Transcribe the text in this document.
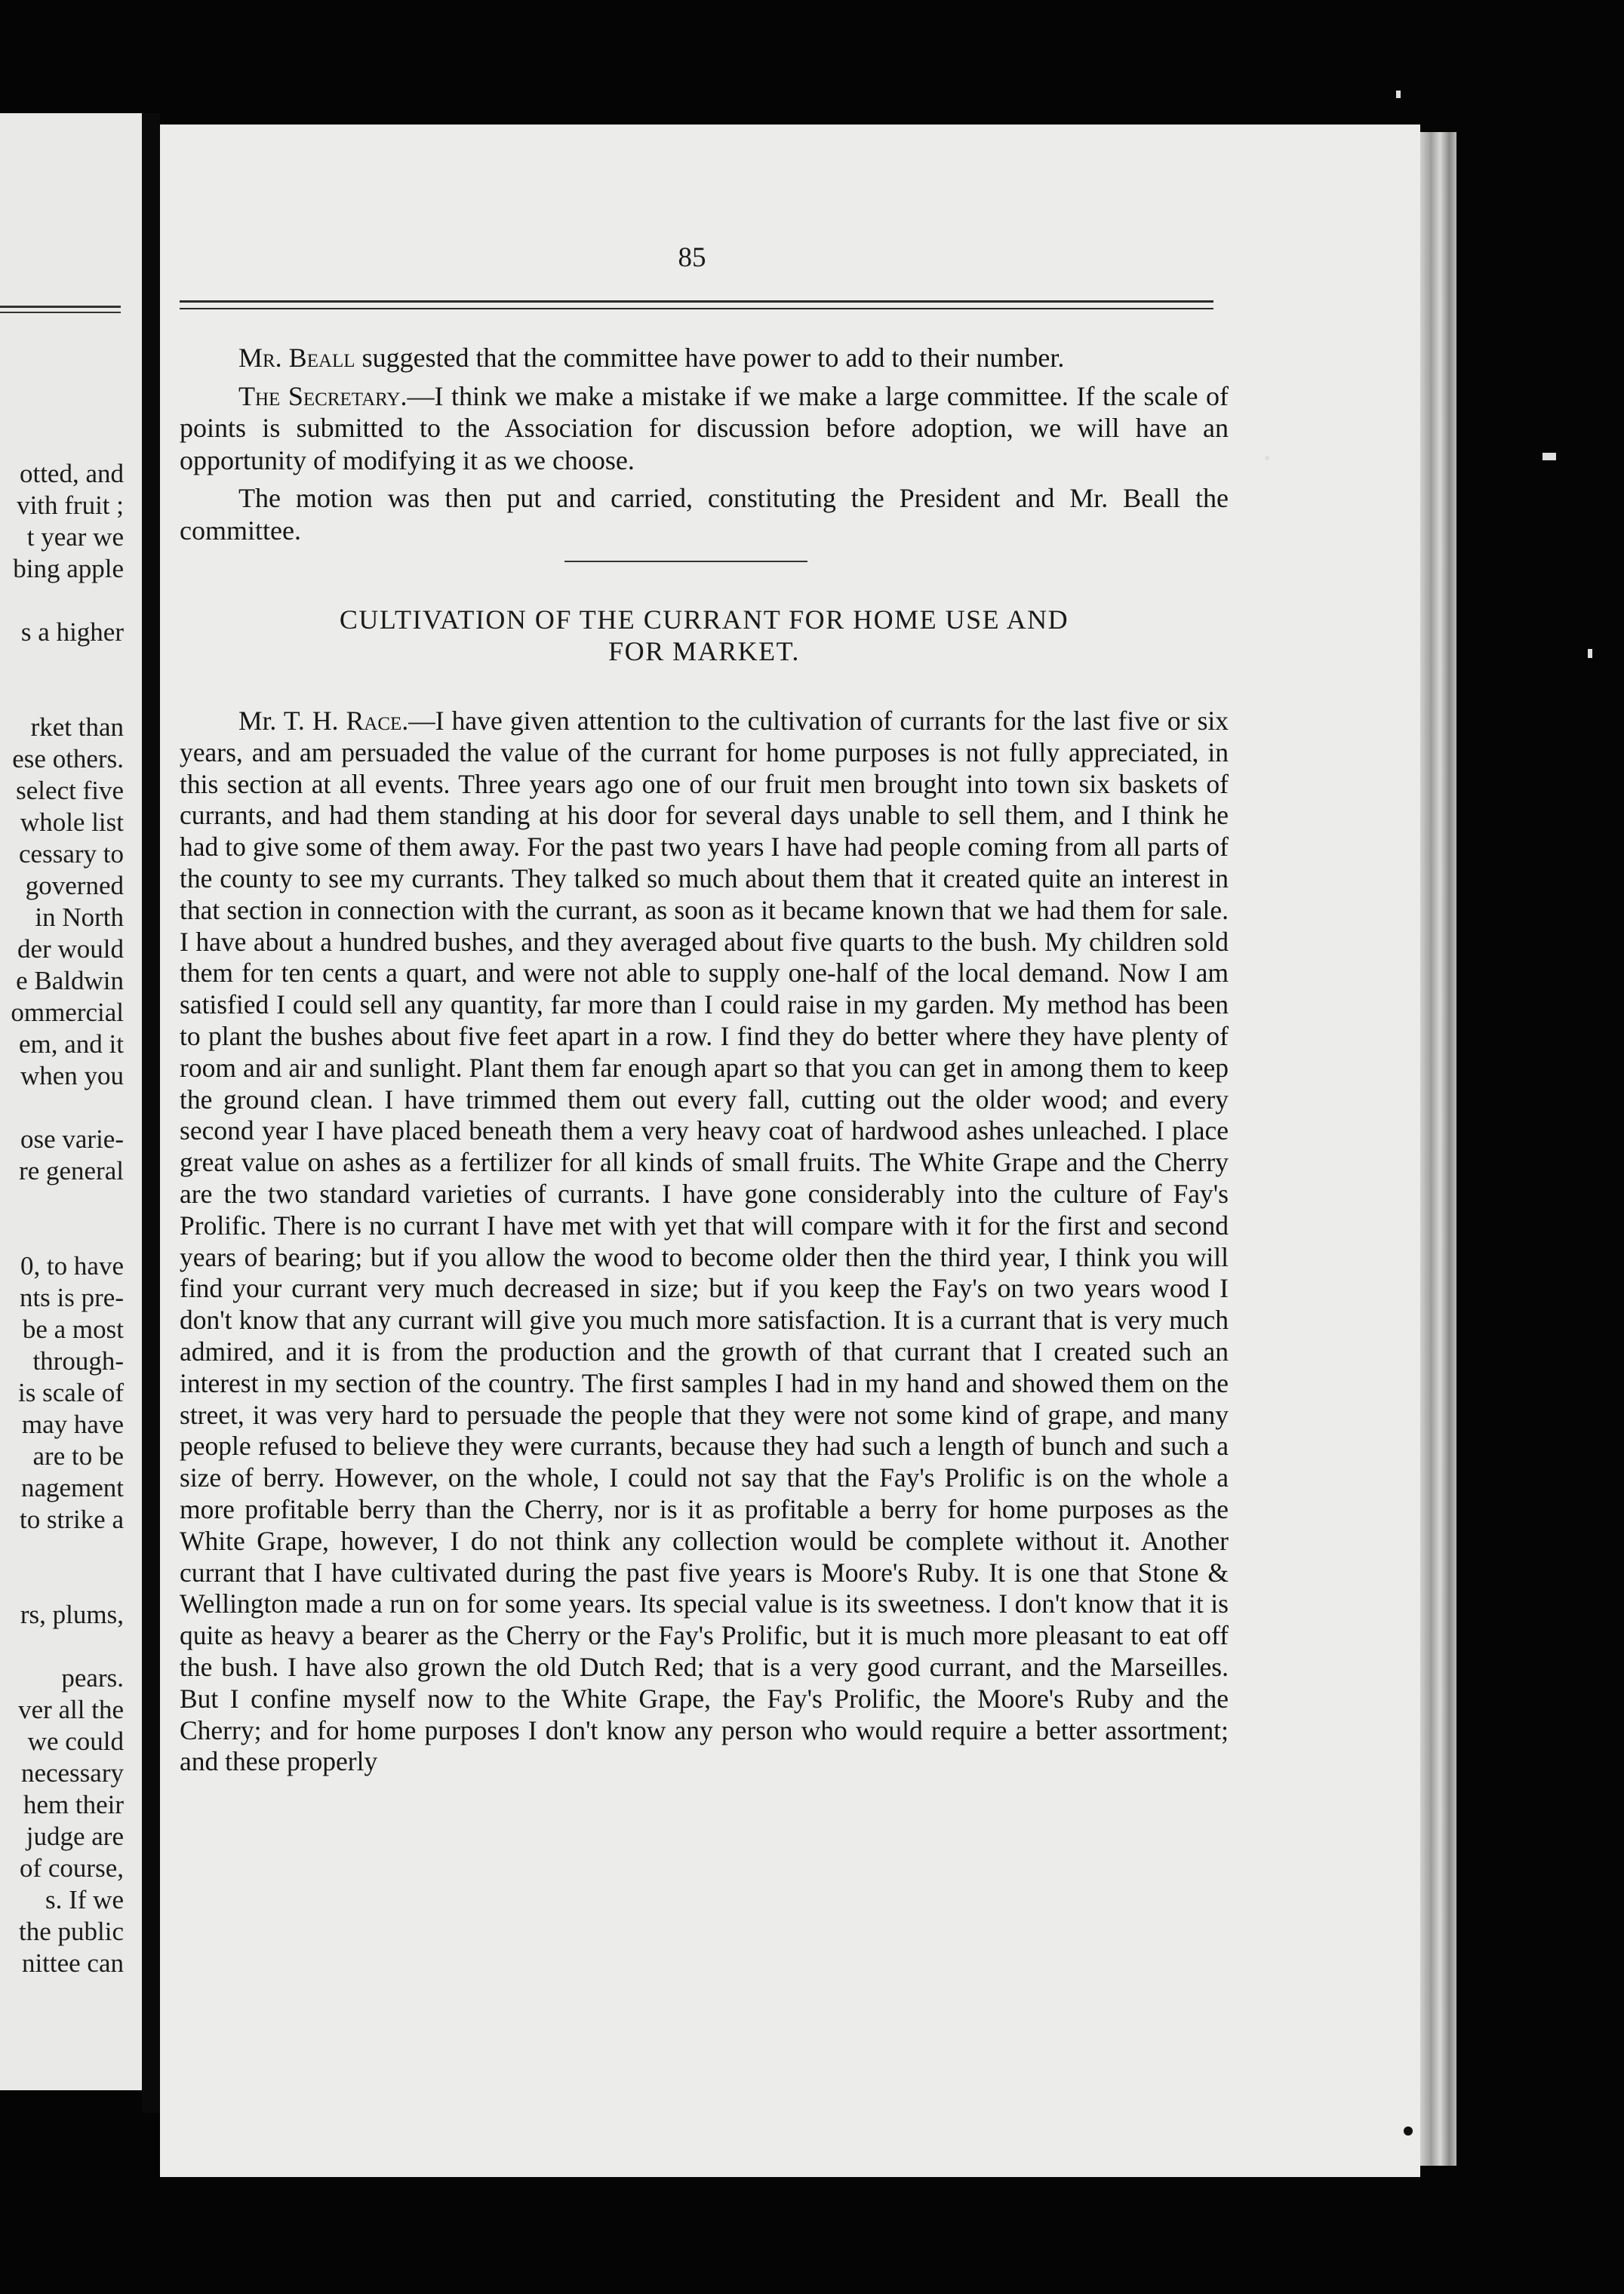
otted, and
vith fruit ;
t year we
bing apple
s a higher
rket than
ese others.
select five
whole list
cessary to
governed
in North
der would
e Baldwin
ommercial
em, and it
when you
ose varie-
re general
0, to have
nts is pre-
be a most
through-
is scale of
may have
are to be
nagement
to strike a
rs, plums,
pears.
ver all the
we could
necessary
hem their
judge are
of course,
s. If we
the public
nittee can
85

Mr. Beall suggested that the committee have power to add to their number.

The Secretary.—I think we make a mistake if we make a large committee. If the scale of points is submitted to the Association for discussion before adoption, we will have an opportunity of modifying it as we choose.

The motion was then put and carried, constituting the President and Mr. Beall the committee.

CULTIVATION OF THE CURRANT FOR HOME USE AND
FOR MARKET.

Mr. T. H. Race.—I have given attention to the cultivation of currants for the last five or six years, and am persuaded the value of the currant for home purposes is not fully appreciated, in this section at all events. Three years ago one of our fruit men brought into town six baskets of currants, and had them standing at his door for several days unable to sell them, and I think he had to give some of them away. For the past two years I have had people coming from all parts of the county to see my currants. They talked so much about them that it created quite an interest in that section in connection with the currant, as soon as it became known that we had them for sale. I have about a hundred bushes, and they averaged about five quarts to the bush. My children sold them for ten cents a quart, and were not able to supply one-half of the local demand. Now I am satisfied I could sell any quantity, far more than I could raise in my garden. My method has been to plant the bushes about five feet apart in a row. I find they do better where they have plenty of room and air and sunlight. Plant them far enough apart so that you can get in among them to keep the ground clean. I have trimmed them out every fall, cutting out the older wood; and every second year I have placed beneath them a very heavy coat of hardwood ashes unleached. I place great value on ashes as a fertilizer for all kinds of small fruits. The White Grape and the Cherry are the two standard varieties of currants. I have gone considerably into the culture of Fay's Prolific. There is no currant I have met with yet that will compare with it for the first and second years of bearing; but if you allow the wood to become older then the third year, I think you will find your currant very much decreased in size; but if you keep the Fay's on two years wood I don't know that any currant will give you much more satisfaction. It is a currant that is very much admired, and it is from the production and the growth of that currant that I created such an interest in my section of the country. The first samples I had in my hand and showed them on the street, it was very hard to persuade the people that they were not some kind of grape, and many people refused to believe they were currants, because they had such a length of bunch and such a size of berry. However, on the whole, I could not say that the Fay's Prolific is on the whole a more profitable berry than the Cherry, nor is it as profitable a berry for home purposes as the White Grape, however, I do not think any collection would be complete without it. Another currant that I have cultivated during the past five years is Moore's Ruby. It is one that Stone & Wellington made a run on for some years. Its special value is its sweetness. I don't know that it is quite as heavy a bearer as the Cherry or the Fay's Prolific, but it is much more pleasant to eat off the bush. I have also grown the old Dutch Red; that is a very good currant, and the Marseilles. But I confine myself now to the White Grape, the Fay's Prolific, the Moore's Ruby and the Cherry; and for home purposes I don't know any person who would require a better assortment; and these properly
